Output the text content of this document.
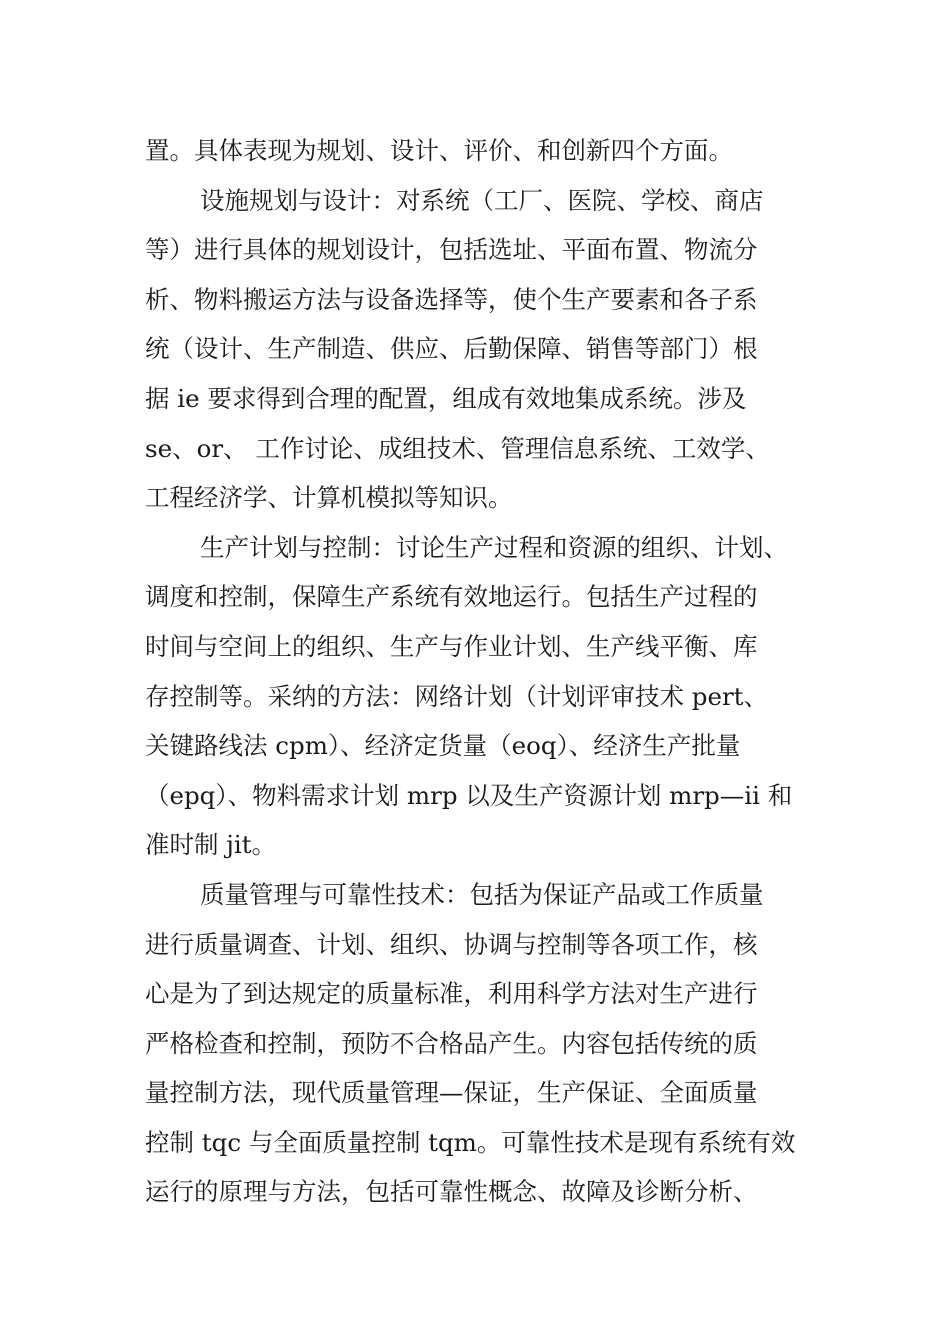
置。具体表现为规划、设计、评价、和创新四个方面。
设施规划与设计：对系统（工厂、医院、学校、商店
等）进行具体的规划设计，包括选址、平面布置、物流分
析、物料搬运方法与设备选择等，使个生产要素和各子系
统（设计、生产制造、供应、后勤保障、销售等部门）根
据 ie 要求得到合理的配置，组成有效地集成系统。涉及
se、or、 工作讨论、成组技术、管理信息系统、工效学、
工程经济学、计算机模拟等知识。
生产计划与控制：讨论生产过程和资源的组织、计划、
调度和控制，保障生产系统有效地运行。包括生产过程的
时间与空间上的组织、生产与作业计划、生产线平衡、库
存控制等。采纳的方法：网络计划（计划评审技术 pert、
关键路线法 cpm）、经济定货量（eoq）、经济生产批量
（epq）、物料需求计划 mrp 以及生产资源计划 mrp—ii 和
准时制 jit。
质量管理与可靠性技术：包括为保证产品或工作质量
进行质量调查、计划、组织、协调与控制等各项工作，核
心是为了到达规定的质量标准，利用科学方法对生产进行
严格检查和控制，预防不合格品产生。内容包括传统的质
量控制方法，现代质量管理—保证，生产保证、全面质量
控制 tqc 与全面质量控制 tqm。可靠性技术是现有系统有效
运行的原理与方法，包括可靠性概念、故障及诊断分析、
